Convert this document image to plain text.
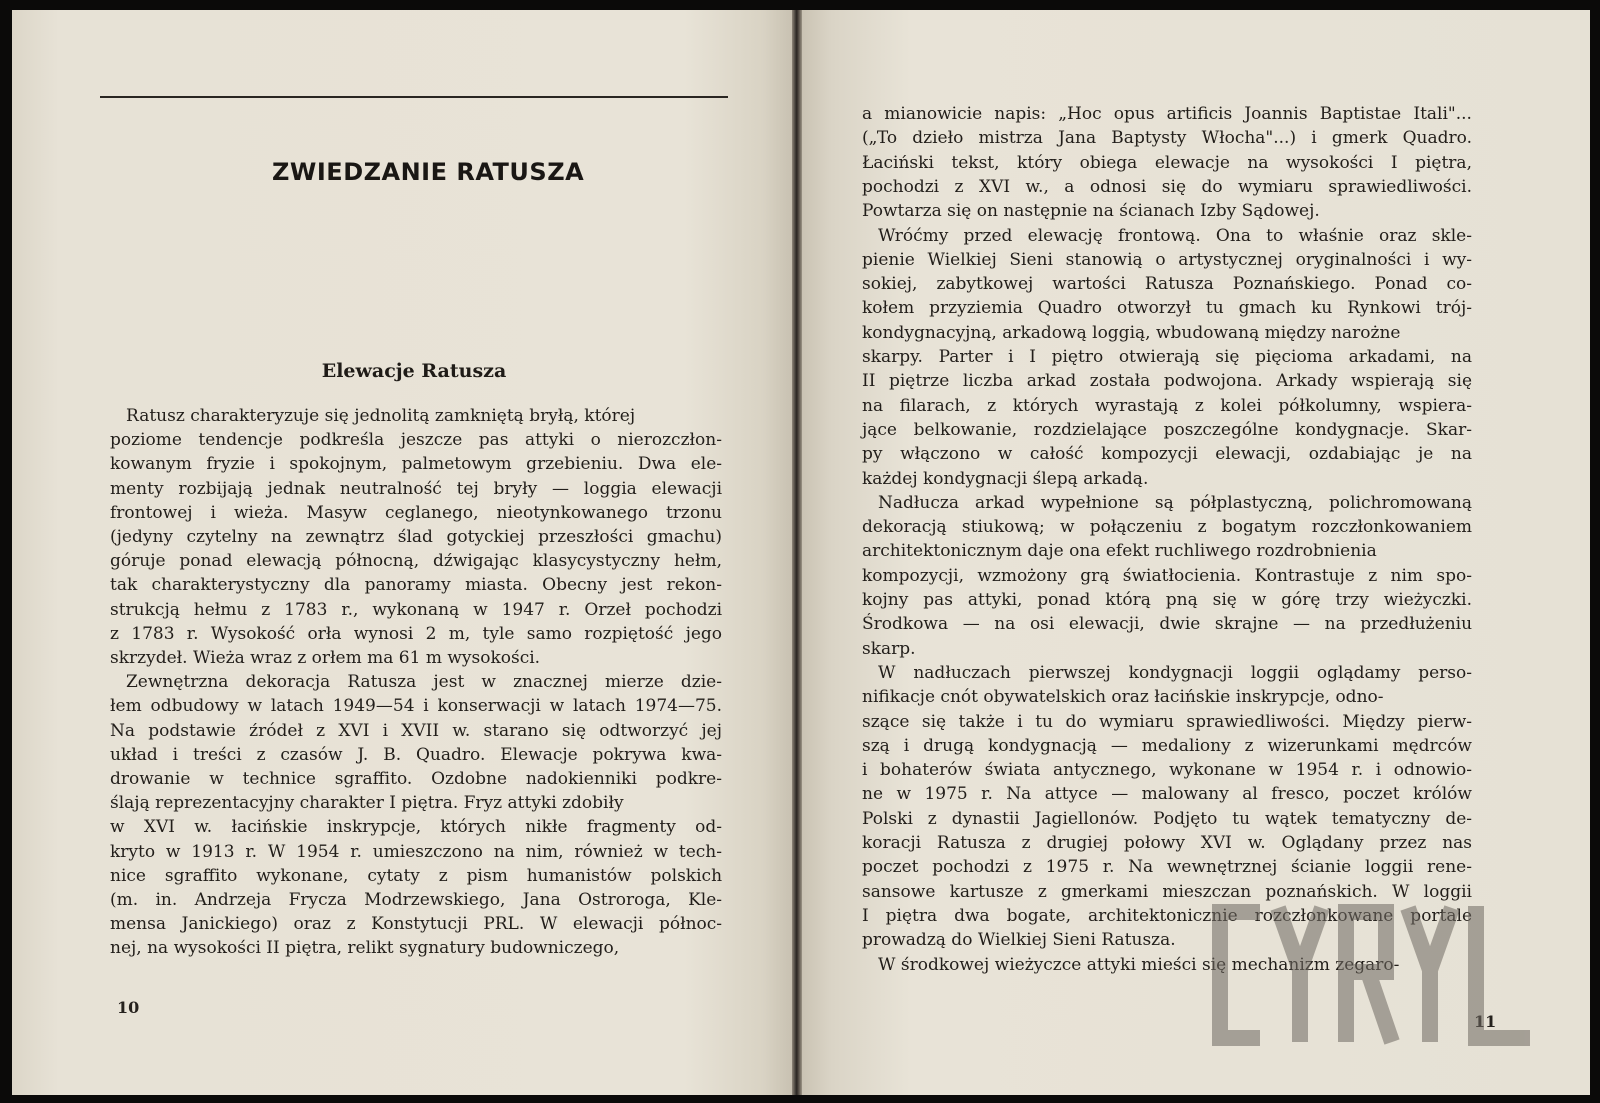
ZWIEDZANIE RATUSZA
Elewacje Ratusza

Ratusz charakteryzuje się jednolitą zamkniętą bryłą, której

poziome tendencje podkreśla jeszcze pas attyki o nierozczłon-

kowanym fryzie i spokojnym, palmetowym grzebieniu. Dwa ele-

menty rozbijają jednak neutralność tej bryły — loggia elewacji

frontowej i wieża. Masyw ceglanego, nieotynkowanego trzonu

(jedyny czytelny na zewnątrz ślad gotyckiej przeszłości gmachu)

góruje ponad elewacją północną, dźwigając klasycystyczny hełm,

tak charakterystyczny dla panoramy miasta. Obecny jest rekon-

strukcją hełmu z 1783 r., wykonaną w 1947 r. Orzeł pochodzi

z 1783 r. Wysokość orła wynosi 2 m, tyle samo rozpiętość jego

skrzydeł. Wieża wraz z orłem ma 61 m wysokości.

Zewnętrzna dekoracja Ratusza jest w znacznej mierze dzie-

łem odbudowy w latach 1949—54 i konserwacji w latach 1974—75.

Na podstawie źródeł z XVI i XVII w. starano się odtworzyć jej

układ i treści z czasów J. B. Quadro. Elewacje pokrywa kwa-

drowanie w technice sgraffito. Ozdobne nadokienniki podkre-

ślają reprezentacyjny charakter I piętra. Fryz attyki zdobiły

w XVI w. łacińskie inskrypcje, których nikłe fragmenty od-

kryto w 1913 r. W 1954 r. umieszczono na nim, również w tech-

nice sgraffito wykonane, cytaty z pism humanistów polskich

(m. in. Andrzeja Frycza Modrzewskiego, Jana Ostroroga, Kle-

mensa Janickiego) oraz z Konstytucji PRL. W elewacji północ-

nej, na wysokości II piętra, relikt sygnatury budowniczego,

a mianowicie napis: „Hoc opus artificis Joannis Baptistae Itali"...

(„To dzieło mistrza Jana Baptysty Włocha"...) i gmerk Quadro.

Łaciński tekst, który obiega elewacje na wysokości I piętra,

pochodzi z XVI w., a odnosi się do wymiaru sprawiedliwości.

Powtarza się on następnie na ścianach Izby Sądowej.

Wróćmy przed elewację frontową. Ona to właśnie oraz skle-

pienie Wielkiej Sieni stanowią o artystycznej oryginalności i wy-

sokiej, zabytkowej wartości Ratusza Poznańskiego. Ponad co-

kołem przyziemia Quadro otworzył tu gmach ku Rynkowi trój-

kondygnacyjną, arkadową loggią, wbudowaną między narożne

skarpy. Parter i I piętro otwierają się pięcioma arkadami, na

II piętrze liczba arkad została podwojona. Arkady wspierają się

na filarach, z których wyrastają z kolei półkolumny, wspiera-

jące belkowanie, rozdzielające poszczególne kondygnacje. Skar-

py włączono w całość kompozycji elewacji, ozdabiając je na

każdej kondygnacji ślepą arkadą.

Nadłucza arkad wypełnione są półplastyczną, polichromowaną

dekoracją stiukową; w połączeniu z bogatym rozczłonkowaniem

architektonicznym daje ona efekt ruchliwego rozdrobnienia

kompozycji, wzmożony grą światłocienia. Kontrastuje z nim spo-

kojny pas attyki, ponad którą pną się w górę trzy wieżyczki.

Środkowa — na osi elewacji, dwie skrajne — na przedłużeniu

skarp.

W nadłuczach pierwszej kondygnacji loggii oglądamy perso-

nifikacje cnót obywatelskich oraz łacińskie inskrypcje, odno-

szące się także i tu do wymiaru sprawiedliwości. Między pierw-

szą i drugą kondygnacją — medaliony z wizerunkami mędrców

i bohaterów świata antycznego, wykonane w 1954 r. i odnowio-

ne w 1975 r. Na attyce — malowany al fresco, poczet królów

Polski z dynastii Jagiellonów. Podjęto tu wątek tematyczny de-

koracji Ratusza z drugiej połowy XVI w. Oglądany przez nas

poczet pochodzi z 1975 r. Na wewnętrznej ścianie loggii rene-

sansowe kartusze z gmerkami mieszczan poznańskich. W loggii

I piętra dwa bogate, architektonicznie rozczłonkowane portale

prowadzą do Wielkiej Sieni Ratusza.

W środkowej wieżyczce attyki mieści się mechanizm zegaro-

10

11
